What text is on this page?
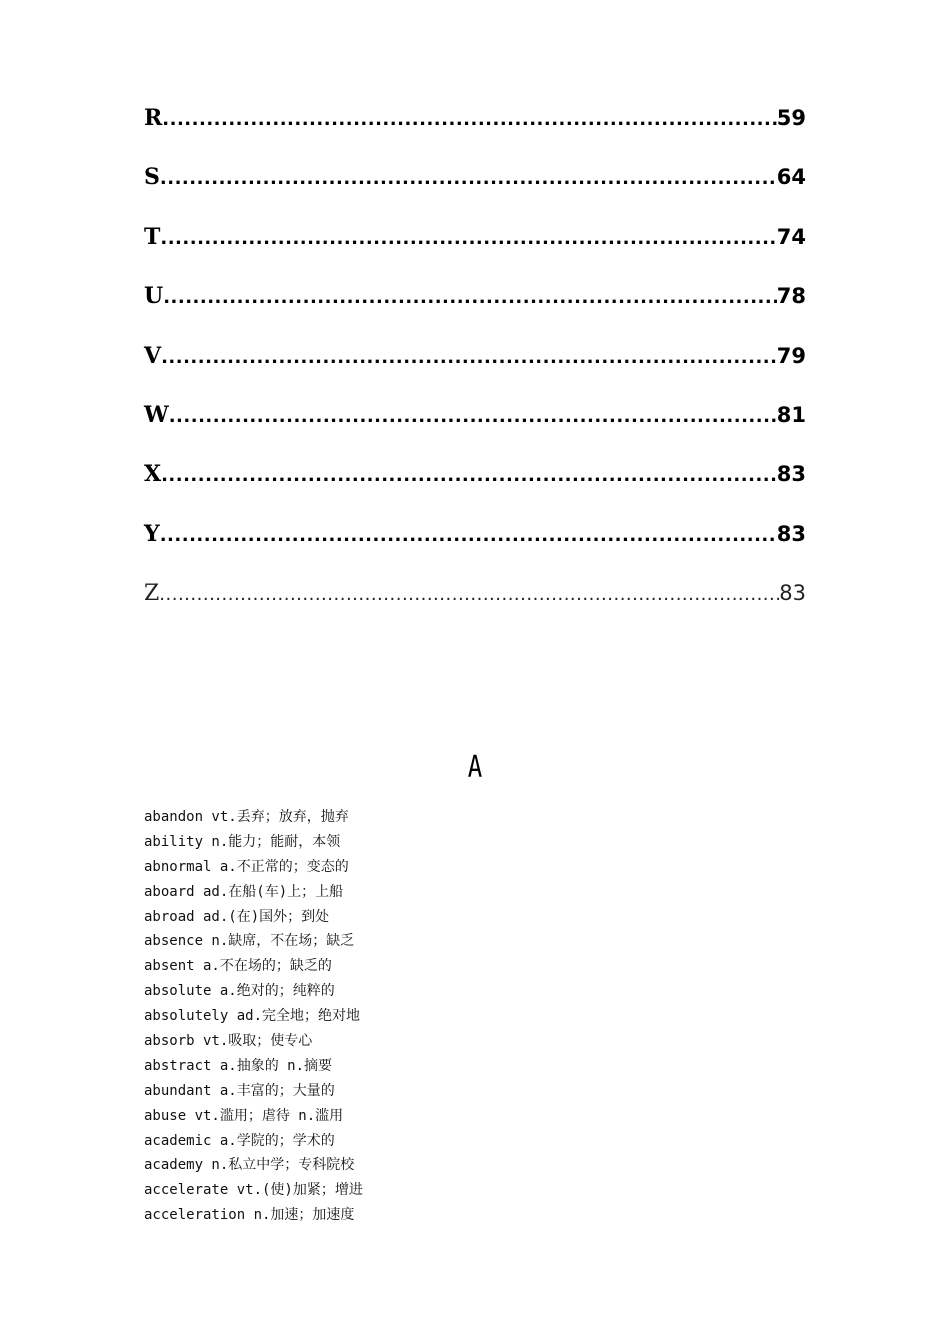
R .....	59
S .....	64
T .....	74
U .....	78
V .....	79
W .....	81
X .....	83
Y .....	83
Z .....	83
A
abandon vt.丢弃；放弃，抛弃
ability n.能力；能耐，本领
abnormal a.不正常的；变态的
aboard ad.在船(车)上；上船
abroad ad.(在)国外；到处
absence n.缺席，不在场；缺乏
absent a.不在场的；缺乏的
absolute a.绝对的；纯粹的
absolutely ad.完全地；绝对地
absorb vt.吸取；使专心
abstract a.抽象的 n.摘要
abundant a.丰富的；大量的
abuse vt.滥用；虐待 n.滥用
academic a.学院的；学术的
academy n.私立中学；专科院校
accelerate vt.(使)加紧；增进
acceleration n.加速；加速度
